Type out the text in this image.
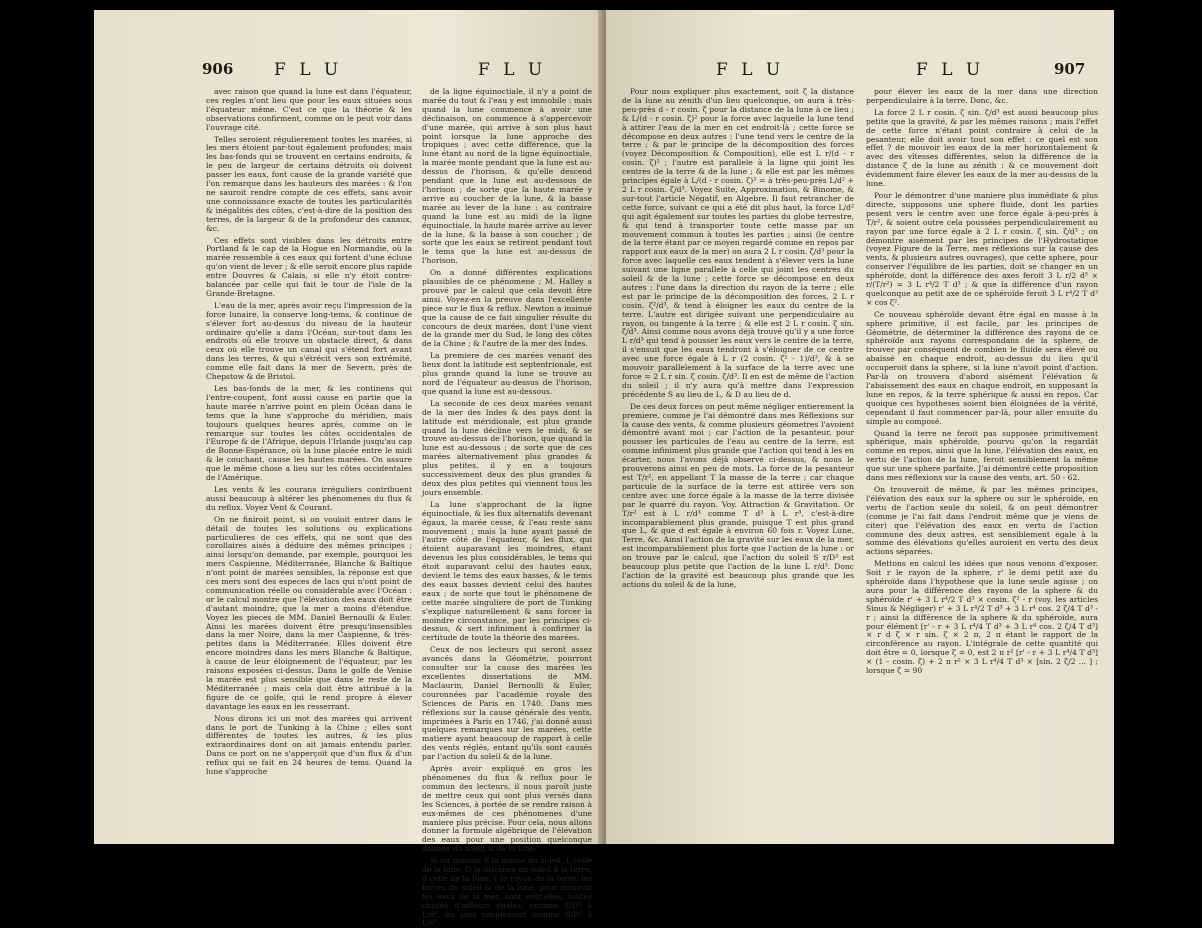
906 F L U	F L U

avec raison que quand la lune est dans l'équateur, ces regles n'ont lieu que pour les eaux situées sous l'équateur même. C'est ce que la théorie & les observations confirment, comme on le peut voir dans l'ouvrage cité.

Telles seroient régulierement toutes les marées, si les mers étoient par-tout également profondes; mais les bas-fonds qui se trouvent en certains endroits, & le peu de largeur de certains détroits où doivent passer les eaux, font cause de la grande variété que l'on remarque dans les hauteurs des marées : & l'on ne sauroit rendre compte de ces effets, sans avoir une connoissance exacte de toutes les particularités & inégalités des côtes, c'est-à-dire de la position des terres, de la largeur & de la profondeur des canaux, &c.

Ces effets sont visibles dans les détroits entre Portland & le cap de la Hogue en Normandie, où la marée ressemble à ces eaux qui fortent d'une écluse qu'on vient de lever ; & elle seroit encore plus rapide entre Douvres & Calais, si elle n'y étoit contre-balancée par celle qui fait le tour de l'isle de la Grande-Bretagne.

L'eau de la mer, après avoir reçu l'impression de la force lunaire, la conserve long-tems, & continue de s'élever fort au-dessus du niveau de la hauteur ordinaire qu'elle a dans l'Océan, sur-tout dans les endroits où elle trouve un obstacle direct, & dans ceux où elle trouve un canal qui s'étend fort avant dans les terres, & qui s'étrécit vers son extrémité, comme elle fait dans la mer de Severn, près de Chepstow & de Bristol.

Les bas-fonds de la mer, & les continens qui l'entre-coupent, font aussi cause en partie que la haute marée n'arrive point en plein Océan dans le tems que la lune s'approche du méridien, mais toujours quelques heures après, comme on le remarque sur toutes les côtes occidentales de l'Europe & de l'Afrique, depuis l'Irlande jusqu'au cap de Bonne-Espérance, où la lune placée entre le midi & le couchant, cause les hautes marées. On assure que le même chose a lieu sur les côtes occidentales de l'Amérique.

Les vents & les courans irréguliers contribuent aussi beaucoup à altérer les phénomenes du flux & du reflux. Voyez Vent & Courant.

On ne finiroit point, si on vouloit entrer dans le détail de toutes les solutions ou explications particulieres de ces effets, qui ne sont que des corollaires aisés à déduire des mêmes principes ; ainsi lorsqu'on demande, par exemple, pourquoi les mers Caspienne, Méditerranée, Blanche & Baltique n'ont point de marées sensibles, la réponse est que ces mers sont des especes de lacs qui n'ont point de communication réelle ou considérable avec l'Océan : or le calcul montre que l'élévation des eaux doit être d'autant moindre, que la mer a moins d'étendue. Voyez les pieces de MM. Daniel Bernoulli & Euler. Ainsi les marées doivent être presqu'insensibles dans la mer Noire, dans la mer Caspienne, & très-petites dans la Méditerranée. Elles doivent être encore moindres dans les mers Blanche & Baltique, à cause de leur éloignement de l'équateur, par les raisons exposées ci-dessus. Dans le golfe de Venise la marée est plus sensible que dans le reste de la Méditerranée ; mais cela doit être attribué à la figure de ce golfe, qui le rend propre à élever davantage les eaux en les resserrant.

Nous dirons ici un mot des marées qui arrivent dans le port de Tunking à la Chine ; elles sont différentes de toutes les autres, & les plus extraordinaires dont on ait jamais entendu parler. Dans ce port on ne s'apperçoit que d'un flux & d'un reflux qui se fait en 24 heures de tems. Quand la lune s'approche

de la ligne équinoctiale, il n'y a point de marée du tout & l'eau y est immobile : mais quand la lune commence à avoir une déclinaison, on commence à s'appercevoir d'une marée, qui arrive à son plus haut point lorsque la lune approche des tropiques ; avec cette différence, que la lune étant au nord de la ligne équinoctiale, la marée monte pendant que la lune est au-dessus de l'horison, & qu'elle descend pendant que la lune est au-dessous de l'horison ; de sorte que la haute marée y arrive au coucher de la lune, & la basse marée au lever de la lune : au contraire quand la lune est au midi de la ligne équinoctiale, la haute marée arrive au lever de la lune, & la basse à son coucher ; de sorte que les eaux se retirent pendant tout le tems que la lune est au-dessus de l'horison.

On a donné différentes explications plausibles de ce phénomene ; M. Halley a prouvé par le calcul que cela devoit être ainsi. Voyez-en la preuve dans l'excellente piece sur le flux & reflux. Newton a insinué que la cause de ce fait singulier résulte du concours de deux marées, dont l'une vient de la grande mer du Sud, le long des côtes de la Chine ; & l'autre de la mer des Indes.

La premiere de ces marées venant des lieux dont la latitude est septentrionale, est plus grande quand la lune se trouve au nord de l'équateur au-dessus de l'horison, que quand la lune est au-dessous.

La seconde de ces deux marées venant de la mer des Indes & des pays dont la latitude est méridionale, est plus grande quand la lune décline vers le midi, & se trouve au-dessus de l'horison, que quand la lune est au-dessous ; de sorte que de ces marées alternativement plus grandes & plus petites, il y en a toujours successivement deux des plus grandes & deux des plus petites qui viennent tous les jours ensemble.

La lune s'approchant de la ligne équinoctiale, & les flux alternatifs devenant égaux, la marée cesse, & l'eau reste sans mouvement ; mais la lune ayant passé de l'autre côté de l'équateur, & les flux, qui étoient auparavant les moindres, étant devenus les plus considérables, le tems qui étoit auparavant celui des hautes eaux, devient le tems des eaux basses, & le tems des eaux basses devient celui des hautes eaux ; de sorte que tout le phénomene de cette marée singuliere de port de Tunking s'explique naturellement & sans forcer la moindre circonstance, par les principes ci-dessus, & sert infiniment à confirmer la certitude de toute la théorie des marées.

Ceux de nos lecteurs qui seront assez avancés dans la Géométrie, pourront consulter sur la cause des marées les excellentes dissertations de MM. Maclaurin, Daniel Bernoulli & Euler, couronnées par l'académie royale des Sciences de Paris en 1740. Dans mes réflexions sur la cause générale des vents, imprimées à Paris en 1746, j'ai donné aussi quelques remarques sur les marées, cette matiere ayant beaucoup de rapport à celle des vents réglés, entant qu'ils sont causés par l'action du soleil & de la lune.

Après avoir expliqué en gros les phénomenes du flux & reflux pour le commun des lecteurs, il nous paroît juste de mettre ceux qui sont plus versés dans les Sciences, à portée de se rendre raison à eux-mêmes de ces phénomenes d'une maniere plus précise. Pour cela, nous allons donner la formule algébrique de l'élévation des eaux pour une position quelconque donnée du soleil & de la lune.

Si on nomme S la masse du soleil, L celle de la lune, D la distance du soleil à la terre, d celle de la lune, r le rayon de la terre, les forces du soleil & de la lune, pour mouvoir les eaux de la mer, sont entr'elles, toutes choses d'ailleurs égales, comme S/D³ à L/d³, ou plus simplement comme S/D³ à L/d³.

F L U	F L U	907

Pour nous expliquer plus exactement, soit ζ la distance de la lune au zénith d'un lieu quelconque, on aura à très-peu-près d - r cosin. ζ pour la distance de la lune à ce lieu ; & L/(d - r cosin. ζ)² pour la force avec laquelle la lune tend à attirer l'eau de la mer en cet endroit-là ; cette force se décompose en deux autres : l'une tend vers le centre de la terre ; & par le principe de la décomposition des forces (voyez Décomposition & Composition), elle est L r/(d - r cosin. ζ)² ; l'autre est parallele à la ligne qui joint les centres de la terre & de la lune ; & elle est par les mêmes principes égale à L/(d - r cosin. ζ)² = à très-peu-près L/d² + 2 L r cosin. ζ/d³. Voyez Suite, Approximation, & Binome, & sur-tout l'article Négatif, en Algebre. Il faut retrancher de cette force, suivant ce qui a été dit plus haut, la force L/d² qui agit également sur toutes les parties du globe terrestre, & qui tend à transporter toute cette masse par un mouvement commun à toutes les parties ; ainsi (le centre de la terre étant par ce moyen regardé comme en repos par rapport aux eaux de la mer) on aura 2 L r cosin. ζ/d³ pour la force avec laquelle ces eaux tendent à s'élever vers la lune suivant une ligne parallele à celle qui joint les centres du soleil & de la lune ; cette force se décompose en deux autres : l'une dans la direction du rayon de la terre ; elle est par le principe de la décomposition des forces, 2 L r cosin. ζ²/d³, & tend à éloigner les eaux du centre de la terre. L'autre est dirigée suivant une perpendiculaire au rayon, ou tangente à la terre ; & elle est 2 L r cosin. ζ sin. ζ/d³. Ainsi comme nous avons déjà trouvé qu'il y a une force L r/d³ qui tend à pousser les eaux vers le centre de la terre, il s'ensuit que les eaux tendront à s'éloigner de ce centre avec une force égale à L r (2 cosin. ζ² - 1)/d³, & à se mouvoir parallelement à la surface de la terre avec une force = 2 L r sin. ζ cosin. ζ/d³. Il en est de même de l'action du soleil ; il n'y aura qu'à mettre dans l'expression précédente S au lieu de L, & D au lieu de d.

De ces deux forces on peut même négliger entierement la premiere, comme je l'ai démontré dans mes Réflexions sur la cause des vents, & comme plusieurs géometres l'avoient démontré avant moi ; car l'action de la pesanteur, pour pousser les particules de l'eau au centre de la terre, est comme infiniment plus grande que l'action qui tend à les en écarter, nous l'avons déjà observé ci-dessus, & nous le prouverons ainsi en peu de mots. La force de la pesanteur est T/r², en appellant T la masse de la terre ; car chaque particule de la surface de la terre est attirée vers son centre avec une force égale à la masse de la terre divisée par le quarré du rayon. Voy. Attraction & Gravitation. Or T/r² est à L r/d³ comme T d³ à L r³, c'est-à-dire incomparablement plus grande, puisque T est plus grand que L, & que d est égale à environ 60 fois r. Voyez Lune, Terre, &c. Ainsi l'action de la gravité sur les eaux de la mer, est incomparablement plus forte que l'action de la lune : or on trouve par le calcul, que l'action du soleil S r/D³ est beaucoup plus petite que l'action de la lune L r/d³. Donc l'action de la gravité est beaucoup plus grande que les actions du soleil & de la lune,

pour élever les eaux de la mer dans une direction perpendiculaire à la terre. Donc, &c.

La force 2 L r cosin. ζ sin. ζ/d³ est aussi beaucoup plus petite que la gravité, & par les mêmes raisons ; mais l'effet de cette force n'étant point contraire à celui de la pesanteur, elle doit avoir tout son effet : ce quel est son effet ? de mouvoir les eaux de la mer horizontalement & avec des vîtesses différentes, selon la différence de la distance ζ de la lune au zénith : & ce mouvement doit évidemment faire élever les eaux de la mer au-dessus de la lune.

Pour le démontrer d'une maniere plus immédiate & plus directe, supposons une sphere fluide, dont les parties pesent vers le centre avec une force égale à-peu-près à T/r², & soient outre cela poussées perpendiculairement au rayon par une force égale à 2 L r cosin. ζ sin. ζ/d³ ; on démontre aisément par les principes de l'Hydrostatique (voyez Figure de la Terre, mes réflexions sur la cause des vents, & plusieurs autres ouvrages), que cette sphere, pour conserver l'équilibre de les parties, doit se changer en un sphéroïde, dont la différence des axes feroit 3 L r/2 d³ × r/(T/r²) = 3 L r⁴/2 T d³ ; & que la différence d'un rayon quelconque au petit axe de ce sphéroïde feroit 3 L r⁴/2 T d³ × cos ζ².

Ce nouveau sphéroïde devant être égal en masse à la sphere primitive, il est facile, par les principes de Géométrie, de déterminer la différence des rayons de ce sphéroïde aux rayons correspondans de la sphere, de trouver par conséquent de combien le fluide sera élevé ou abaissé en chaque endroit, au-dessus du lieu qu'il occuperoit dans la sphere, si la lune n'avoit point d'action. Par-là on trouvera d'abord aisément l'élévation & l'abaissement des eaux en chaque endroit, en supposant la lune en repos, & la terre sphérique & aussi en repos. Car quoique ces hypotheses soient bien éloignées de la vérité, cependant il faut commencer par-là, pour aller ensuite du simple au composé.

Quand la terre ne feroit pas supposée primitivement sphérique, mais sphéroïde, pourvu qu'on la regardât comme en repos, ainsi que la lune, l'élévation des eaux, en vertu de l'action de la lune, feroit sensiblement la même que sur une sphere parfaite. J'ai démontré cette proposition dans mes réflexions sur la cause des vents, art. 50 - 62.

On trouveroit de même, & par les mêmes principes, l'élévation des eaux sur la sphere ou sur le sphéroïde, en vertu de l'action seule du soleil, & on peut démontrer (comme je l'ai fait dans l'endroit même que je viens de citer) que l'élévation des eaux en vertu de l'action commune des deux astres, est sensiblement égale à la somme des élévations qu'elles auroient en vertu des deux actions séparées.

Mettons en calcul les idées que nous venons d'exposer. Soit r le rayon de la sphere, r' le demi petit axe du sphéroïde dans l'hypothese que la lune seule agisse ; on aura pour la différence des rayons de la sphere & du sphéroïde r' + 3 L r⁴/2 T d³ × cosin. ζ² - r (voy. les articles Sinus & Négliger) r' + 3 L r⁴/2 T d³ + 3 L r⁴ cos. 2 ζ/4 T d³ - r ; ainsi la différence de la sphere & du sphéroïde, aura pour élément [r' - r + 3 L r⁴/4 T d³ + 3 L r⁴ cos. 2 ζ/4 T d³] × r d ζ × r sin. ζ × 2 π, 2 π étant le rapport de la circonférence au rayon. L'intégrale de cette quantité qui doit être = 0, lorsque ζ = 0, est 2 π r² [r' - r + 3 L r⁴/4 T d³] × (1 - cosin. ζ) + 2 π r² × 3 L r⁴/4 T d³ × [sin. 2 ζ/2 ... ] ; lorsque ζ = 90
